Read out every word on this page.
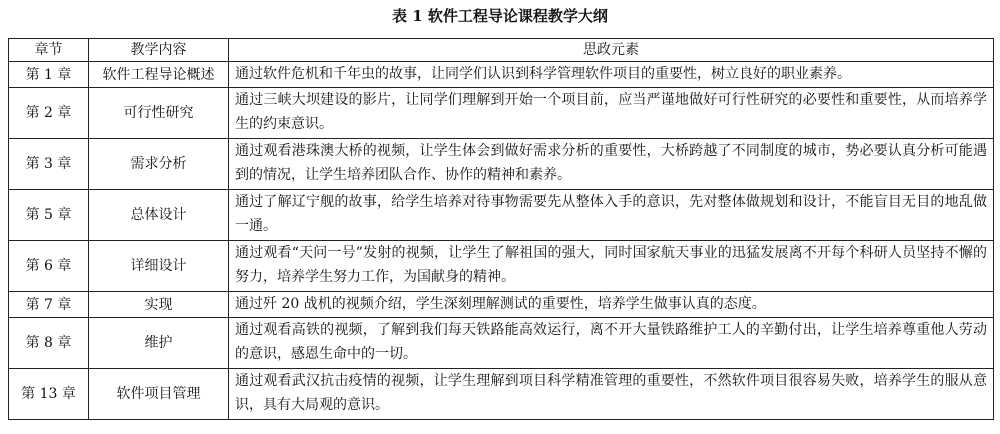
表 1 软件工程导论课程教学大纲
章节	教学内容	思政元素
第 1 章	软件工程导论概述	通过软件危机和千年虫的故事，让同学们认识到科学管理软件项目的重要性，树立良好的职业素养。
第 2 章	可行性研究	通过三峡大坝建设的影片，让同学们理解到开始一个项目前，应当严谨地做好可行性研究的必要性和重要性，从而培养学生的约束意识。
第 3 章	需求分析	通过观看港珠澳大桥的视频，让学生体会到做好需求分析的重要性，大桥跨越了不同制度的城市，势必要认真分析可能遇到的情况，让学生培养团队合作、协作的精神和素养。
第 5 章	总体设计	通过了解辽宁舰的故事，给学生培养对待事物需要先从整体入手的意识，先对整体做规划和设计，不能盲目无目的地乱做一通。
第 6 章	详细设计	通过观看“天问一号”发射的视频，让学生了解祖国的强大，同时国家航天事业的迅猛发展离不开每个科研人员坚持不懈的努力，培养学生努力工作，为国献身的精神。
第 7 章	实现	通过歼 20 战机的视频介绍，学生深刻理解测试的重要性，培养学生做事认真的态度。
第 8 章	维护	通过观看高铁的视频，了解到我们每天铁路能高效运行，离不开大量铁路维护工人的辛勤付出，让学生培养尊重他人劳动的意识，感恩生命中的一切。
第 13 章	软件项目管理	通过观看武汉抗击疫情的视频，让学生理解到项目科学精准管理的重要性，不然软件项目很容易失败，培养学生的服从意识，具有大局观的意识。
